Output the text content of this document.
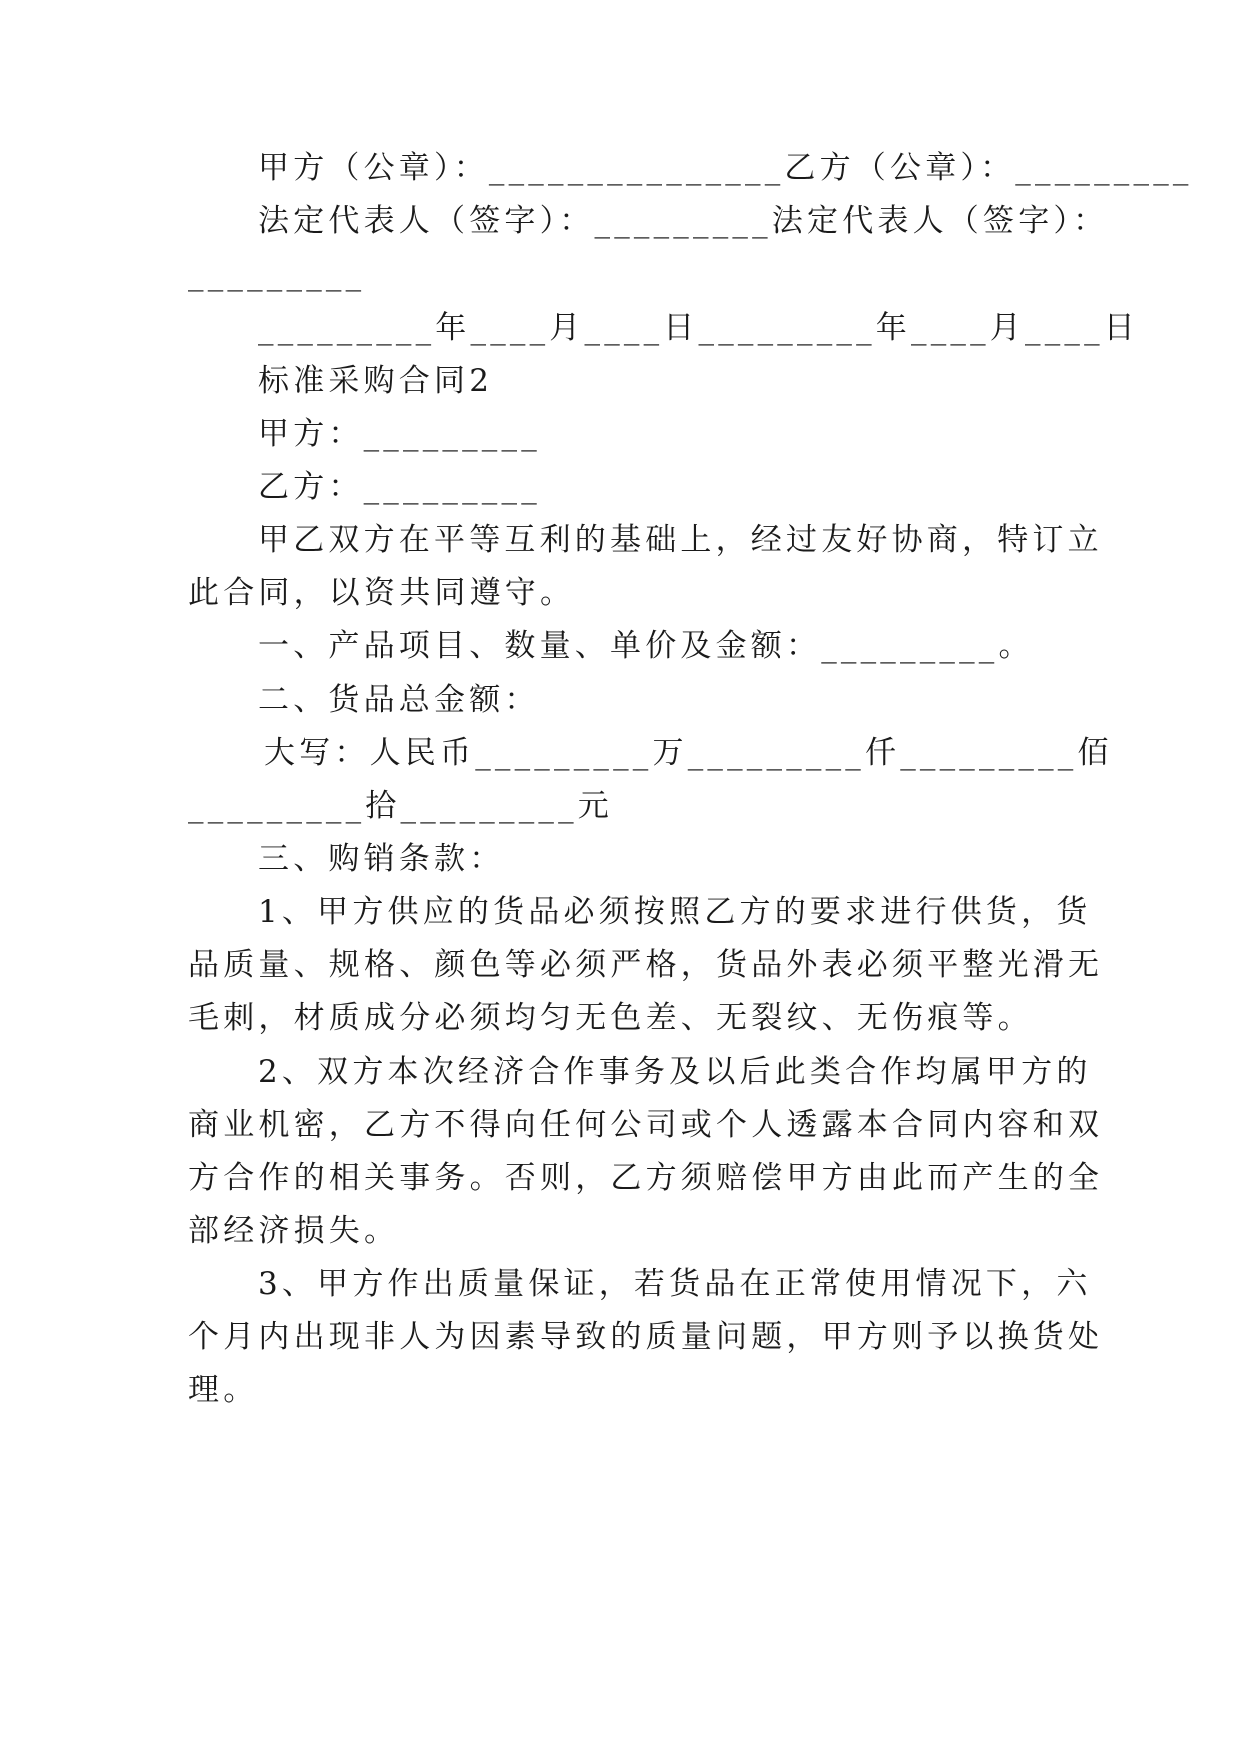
甲方（公章）：_______________乙方（公章）：_________
法定代表人（签字）：_________法定代表人（签字）：
_________
_________年____月____日_________年____月____日
标准采购合同2
甲方：_________
乙方：_________
甲乙双方在平等互利的基础上，经过友好协商，特订立
此合同，以资共同遵守。
一、产品项目、数量、单价及金额：_________。
二、货品总金额：
大写：人民币_________万_________仟_________佰
_________拾_________元
三、购销条款：
1、甲方供应的货品必须按照乙方的要求进行供货，货
品质量、规格、颜色等必须严格，货品外表必须平整光滑无
毛刺，材质成分必须均匀无色差、无裂纹、无伤痕等。
2、双方本次经济合作事务及以后此类合作均属甲方的
商业机密，乙方不得向任何公司或个人透露本合同内容和双
方合作的相关事务。否则，乙方须赔偿甲方由此而产生的全
部经济损失。
3、甲方作出质量保证，若货品在正常使用情况下，六
个月内出现非人为因素导致的质量问题，甲方则予以换货处
理。
